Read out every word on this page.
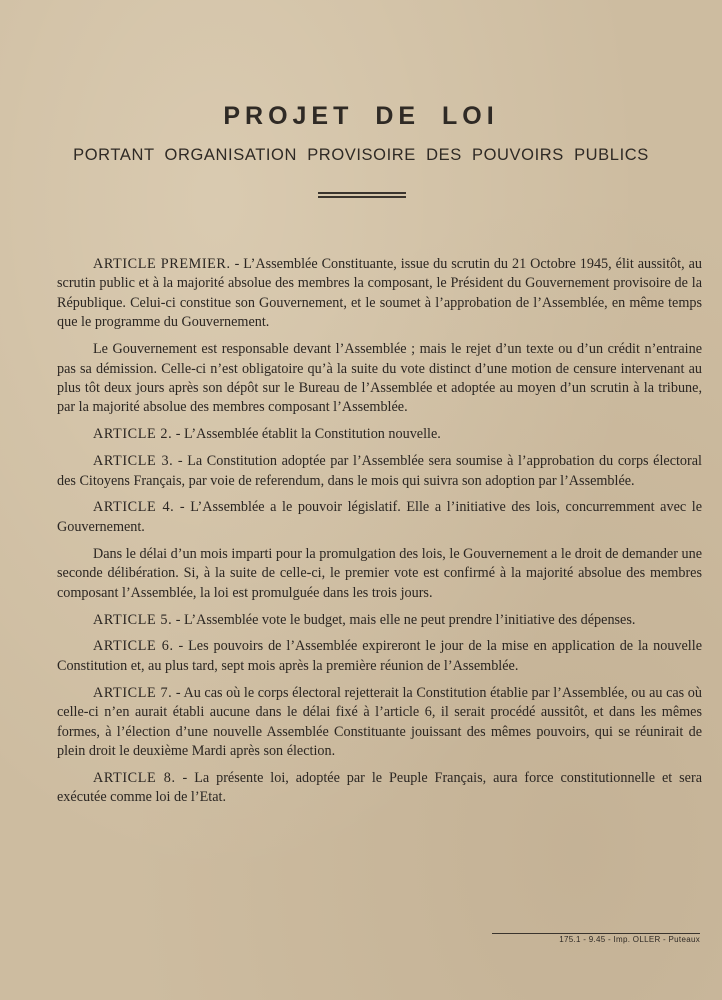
PROJET DE LOI
PORTANT ORGANISATION PROVISOIRE DES POUVOIRS PUBLICS

ARTICLE PREMIER. - L’Assemblée Constituante, issue du scrutin du 21 Octobre 1945, élit aussitôt, au scrutin public et à la majorité absolue des membres la composant, le Président du Gouvernement provisoire de la République. Celui-ci constitue son Gouvernement, et le soumet à l’approbation de l’Assemblée, en même temps que le programme du Gouvernement.

Le Gouvernement est responsable devant l’Assemblée ; mais le rejet d’un texte ou d’un crédit n’entraine pas sa démission. Celle-ci n’est obligatoire qu’à la suite du vote distinct d’une motion de censure intervenant au plus tôt deux jours après son dépôt sur le Bureau de l’Assemblée et adoptée au moyen d’un scrutin à la tribune, par la majorité absolue des membres composant l’Assemblée.

ARTICLE 2. - L’Assemblée établit la Constitution nouvelle.

ARTICLE 3. - La Constitution adoptée par l’Assemblée sera soumise à l’approbation du corps électoral des Citoyens Français, par voie de referendum, dans le mois qui suivra son adoption par l’Assemblée.

ARTICLE 4. - L’Assemblée a le pouvoir législatif. Elle a l’initiative des lois, concurremment avec le Gouvernement.

Dans le délai d’un mois imparti pour la promulgation des lois, le Gouvernement a le droit de demander une seconde délibération. Si, à la suite de celle-ci, le premier vote est confirmé à la majorité absolue des membres composant l’Assemblée, la loi est promulguée dans les trois jours.

ARTICLE 5. - L’Assemblée vote le budget, mais elle ne peut prendre l’initiative des dépenses.

ARTICLE 6. - Les pouvoirs de l’Assemblée expireront le jour de la mise en application de la nouvelle Constitution et, au plus tard, sept mois après la première réunion de l’Assemblée.

ARTICLE 7. - Au cas où le corps électoral rejetterait la Constitution établie par l’Assemblée, ou au cas où celle-ci n’en aurait établi aucune dans le délai fixé à l’article 6, il serait procédé aussitôt, et dans les mêmes formes, à l’élection d’une nouvelle Assemblée Constituante jouissant des mêmes pouvoirs, qui se réunirait de plein droit le deuxième Mardi après son élection.

ARTICLE 8. - La présente loi, adoptée par le Peuple Français, aura force constitutionnelle et sera exécutée comme loi de l’Etat.

175.1 - 9.45 - Imp. OLLER - Puteaux
